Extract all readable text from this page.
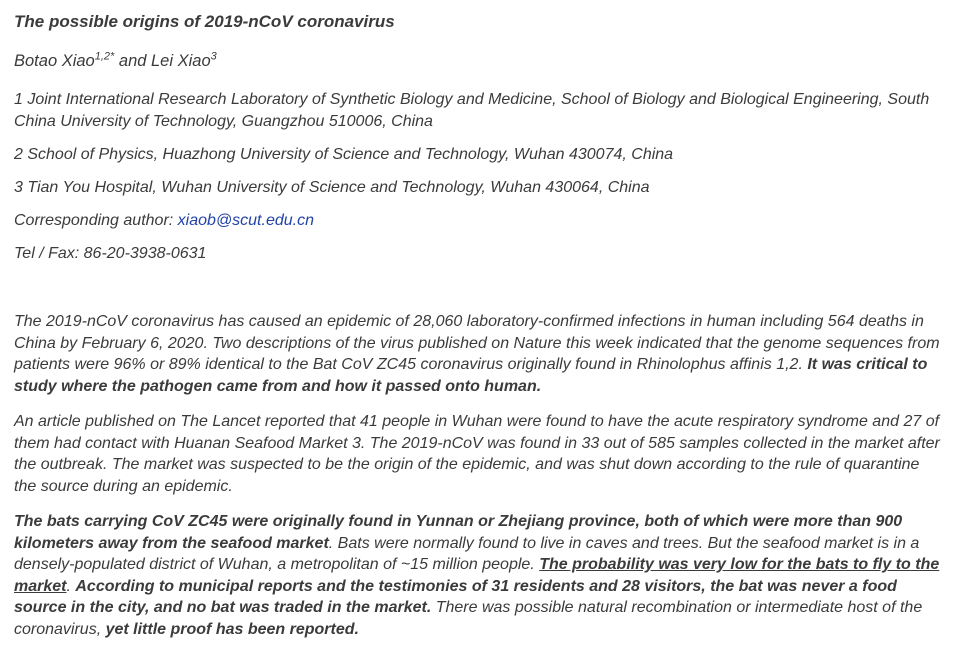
The possible origins of 2019-nCoV coronavirus
Botao Xiao$^{1,2*}$ and Lei Xiao$^3$
1 Joint International Research Laboratory of Synthetic Biology and Medicine, School of Biology and Biological Engineering, South China University of Technology, Guangzhou 510006, China
2 School of Physics, Huazhong University of Science and Technology, Wuhan 430074, China
3 Tian You Hospital, Wuhan University of Science and Technology, Wuhan 430064, China
Corresponding author: xiaob@scut.edu.cn
Tel / Fax: 86-20-3938-0631

The 2019-nCoV coronavirus has caused an epidemic of 28,060 laboratory-confirmed infections in human including 564 deaths in China by February 6, 2020. Two descriptions of the virus published on Nature this week indicated that the genome sequences from patients were 96% or 89% identical to the Bat CoV ZC45 coronavirus originally found in Rhinolophus affinis 1,2. It was critical to study where the pathogen came from and how it passed onto human.

An article published on The Lancet reported that 41 people in Wuhan were found to have the acute respiratory syndrome and 27 of them had contact with Huanan Seafood Market 3. The 2019-nCoV was found in 33 out of 585 samples collected in the market after the outbreak. The market was suspected to be the origin of the epidemic, and was shut down according to the rule of quarantine the source during an epidemic.

The bats carrying CoV ZC45 were originally found in Yunnan or Zhejiang province, both of which were more than 900 kilometers away from the seafood market. Bats were normally found to live in caves and trees. But the seafood market is in a densely-populated district of Wuhan, a metropolitan of ~15 million people. The probability was very low for the bats to fly to the market. According to municipal reports and the testimonies of 31 residents and 28 visitors, the bat was never a food source in the city, and no bat was traded in the market. There was possible natural recombination or intermediate host of the coronavirus, yet little proof has been reported.
